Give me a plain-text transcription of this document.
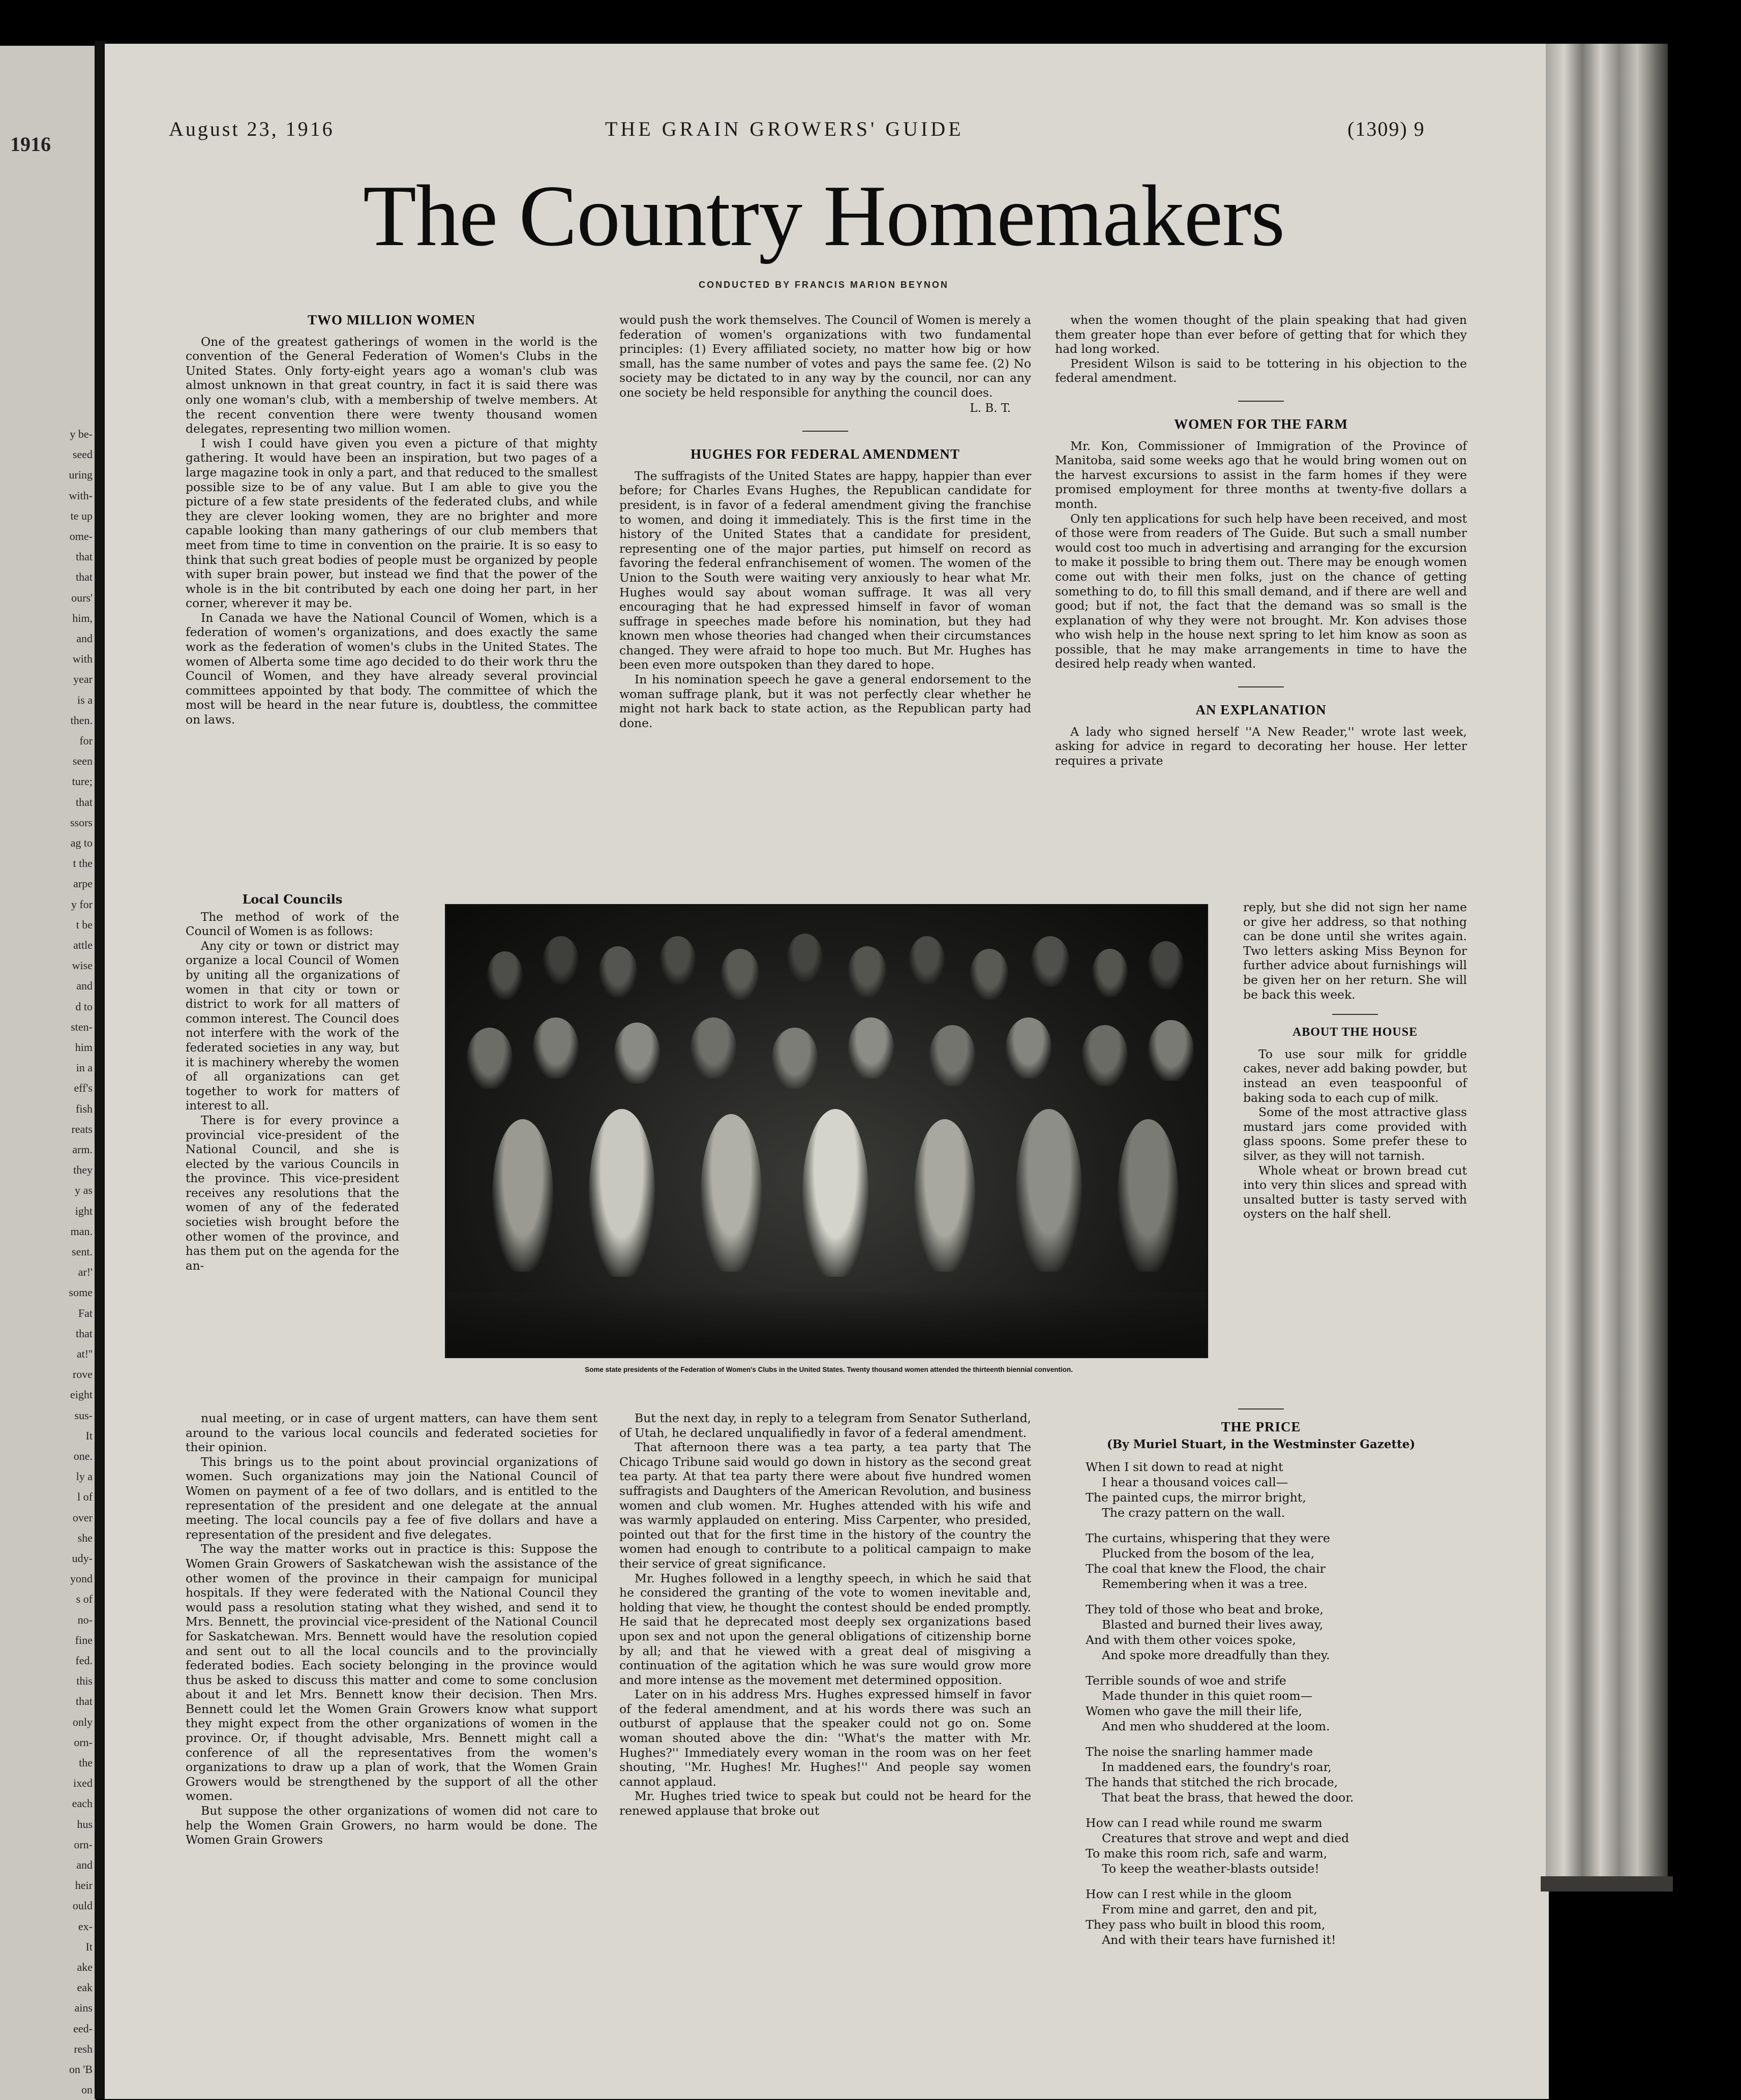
1916
y be-
seed
uring
with-
te up
ome-
that
that
ours'
him,
and
with
year
is a
then.
for
seen
ture;
that
ssors
ag to
t the
arpe
y for
t be
attle
wise
and
d to
sten-
him
in a
eff's
fish
reats
arm.
they
y as
ight
man.
sent.
ar!'
some
Fat
that
at!''
rove
eight
sus-
It
one.
ly a
l of
over
she
udy-
yond
s of
no-
fine
fed.
this
that
only
orn-
the
ixed
each
hus
orn-
and
heir
ould
ex-
It
ake
eak
ains
eed-
resh
on 'B
on
August 23, 1916	THE GRAIN GROWERS' GUIDE	(1309) 9
The Country Homemakers
CONDUCTED BY FRANCIS MARION BEYNON
TWO MILLION WOMEN

One of the greatest gatherings of women in the world is the convention of the General Federation of Women's Clubs in the United States. Only forty-eight years ago a woman's club was almost unknown in that great country, in fact it is said there was only one woman's club, with a membership of twelve members. At the recent convention there were twenty thousand women delegates, representing two million women.

I wish I could have given you even a picture of that mighty gathering. It would have been an inspiration, but two pages of a large magazine took in only a part, and that reduced to the smallest possible size to be of any value. But I am able to give you the picture of a few state presidents of the federated clubs, and while they are clever looking women, they are no brighter and more capable looking than many gatherings of our club members that meet from time to time in convention on the prairie. It is so easy to think that such great bodies of people must be organized by people with super brain power, but instead we find that the power of the whole is in the bit contributed by each one doing her part, in her corner, wherever it may be.

In Canada we have the National Council of Women, which is a federation of women's organizations, and does exactly the same work as the federation of women's clubs in the United States. The women of Alberta some time ago decided to do their work thru the Council of Women, and they have already several provincial committees appointed by that body. The committee of which the most will be heard in the near future is, doubtless, the committee on laws.

Local Councils

The method of work of the Council of Women is as follows:

Any city or town or district may organize a local Council of Women by uniting all the organizations of women in that city or town or district to work for all matters of common interest. The Council does not interfere with the work of the federated societies in any way, but it is machinery whereby the women of all organizations can get together to work for matters of interest to all.

There is for every province a provincial vice-president of the National Council, and she is elected by the various Councils in the province. This vice-president receives any resolutions that the women of any of the federated societies wish brought before the other women of the province, and has them put on the agenda for the an-

nual meeting, or in case of urgent matters, can have them sent around to the various local councils and federated societies for their opinion.

This brings us to the point about provincial organizations of women. Such organizations may join the National Council of Women on payment of a fee of two dollars, and is entitled to the representation of the president and one delegate at the annual meeting. The local councils pay a fee of five dollars and have a representation of the president and five delegates.

The way the matter works out in practice is this: Suppose the Women Grain Growers of Saskatchewan wish the assistance of the other women of the province in their campaign for municipal hospitals. If they were federated with the National Council they would pass a resolution stating what they wished, and send it to Mrs. Bennett, the provincial vice-president of the National Council for Saskatchewan. Mrs. Bennett would have the resolution copied and sent out to all the local councils and to the provincially federated bodies. Each society belonging in the province would thus be asked to discuss this matter and come to some conclusion about it and let Mrs. Bennett know their decision. Then Mrs. Bennett could let the Women Grain Growers know what support they might expect from the other organizations of women in the province. Or, if thought advisable, Mrs. Bennett might call a conference of all the representatives from the women's organizations to draw up a plan of work, that the Women Grain Growers would be strengthened by the support of all the other women.

But suppose the other organizations of women did not care to help the Women Grain Growers, no harm would be done. The Women Grain Growers

would push the work themselves. The Council of Women is merely a federation of women's organizations with two fundamental principles: (1) Every affiliated society, no matter how big or how small, has the same number of votes and pays the same fee. (2) No society may be dictated to in any way by the council, nor can any one society be held responsible for anything the council does.

L. B. T.
HUGHES FOR FEDERAL AMENDMENT

The suffragists of the United States are happy, happier than ever before; for Charles Evans Hughes, the Republican candidate for president, is in favor of a federal amendment giving the franchise to women, and doing it immediately. This is the first time in the history of the United States that a candidate for president, representing one of the major parties, put himself on record as favoring the federal enfranchisement of women. The women of the Union to the South were waiting very anxiously to hear what Mr. Hughes would say about woman suffrage. It was all very encouraging that he had expressed himself in favor of woman suffrage in speeches made before his nomination, but they had known men whose theories had changed when their circumstances changed. They were afraid to hope too much. But Mr. Hughes has been even more outspoken than they dared to hope.

In his nomination speech he gave a general endorsement to the woman suffrage plank, but it was not perfectly clear whether he might not hark back to state action, as the Republican party had done.

Some state presidents of the Federation of Women's Clubs in the United States. Twenty thousand women attended the thirteenth biennial convention.

But the next day, in reply to a telegram from Senator Sutherland, of Utah, he declared unqualifiedly in favor of a federal amendment.

That afternoon there was a tea party, a tea party that The Chicago Tribune said would go down in history as the second great tea party. At that tea party there were about five hundred women suffragists and Daughters of the American Revolution, and business women and club women. Mr. Hughes attended with his wife and was warmly applauded on entering. Miss Carpenter, who presided, pointed out that for the first time in the history of the country the women had enough to contribute to a political campaign to make their service of great significance.

Mr. Hughes followed in a lengthy speech, in which he said that he considered the granting of the vote to women inevitable and, holding that view, he thought the contest should be ended promptly. He said that he deprecated most deeply sex organizations based upon sex and not upon the general obligations of citizenship borne by all; and that he viewed with a great deal of misgiving a continuation of the agitation which he was sure would grow more and more intense as the movement met determined opposition.

Later on in his address Mrs. Hughes expressed himself in favor of the federal amendment, and at his words there was such an outburst of applause that the speaker could not go on. Some woman shouted above the din: ''What's the matter with Mr. Hughes?'' Immediately every woman in the room was on her feet shouting, ''Mr. Hughes! Mr. Hughes!'' And people say women cannot applaud.

Mr. Hughes tried twice to speak but could not be heard for the renewed applause that broke out

when the women thought of the plain speaking that had given them greater hope than ever before of getting that for which they had long worked.

President Wilson is said to be tottering in his objection to the federal amendment.

WOMEN FOR THE FARM

Mr. Kon, Commissioner of Immigration of the Province of Manitoba, said some weeks ago that he would bring women out on the harvest excursions to assist in the farm homes if they were promised employment for three months at twenty-five dollars a month.

Only ten applications for such help have been received, and most of those were from readers of The Guide. But such a small number would cost too much in advertising and arranging for the excursion to make it possible to bring them out. There may be enough women come out with their men folks, just on the chance of getting something to do, to fill this small demand, and if there are well and good; but if not, the fact that the demand was so small is the explanation of why they were not brought. Mr. Kon advises those who wish help in the house next spring to let him know as soon as possible, that he may make arrangements in time to have the desired help ready when wanted.

AN EXPLANATION

A lady who signed herself ''A New Reader,'' wrote last week, asking for advice in regard to decorating her house. Her letter requires a private

reply, but she did not sign her name or give her address, so that nothing can be done until she writes again. Two letters asking Miss Beynon for further advice about furnishings will be given her on her return. She will be back this week.

ABOUT THE HOUSE

To use sour milk for griddle cakes, never add baking powder, but instead an even teaspoonful of baking soda to each cup of milk.

Some of the most attractive glass mustard jars come provided with glass spoons. Some prefer these to silver, as they will not tarnish.

Whole wheat or brown bread cut into very thin slices and spread with unsalted butter is tasty served with oysters on the half shell.

THE PRICE
(By Muriel Stuart, in the Westminster Gazette)
When I sit down to read at night
I hear a thousand voices call—
The painted cups, the mirror bright,
The crazy pattern on the wall.
The curtains, whispering that they were
Plucked from the bosom of the lea,
The coal that knew the Flood, the chair
Remembering when it was a tree.
They told of those who beat and broke,
Blasted and burned their lives away,
And with them other voices spoke,
And spoke more dreadfully than they.
Terrible sounds of woe and strife
Made thunder in this quiet room—
Women who gave the mill their life,
And men who shuddered at the loom.
The noise the snarling hammer made
In maddened ears, the foundry's roar,
The hands that stitched the rich brocade,
That beat the brass, that hewed the door.
How can I read while round me swarm
Creatures that strove and wept and died
To make this room rich, safe and warm,
To keep the weather-blasts outside!
How can I rest while in the gloom
From mine and garret, den and pit,
They pass who built in blood this room,
And with their tears have furnished it!
